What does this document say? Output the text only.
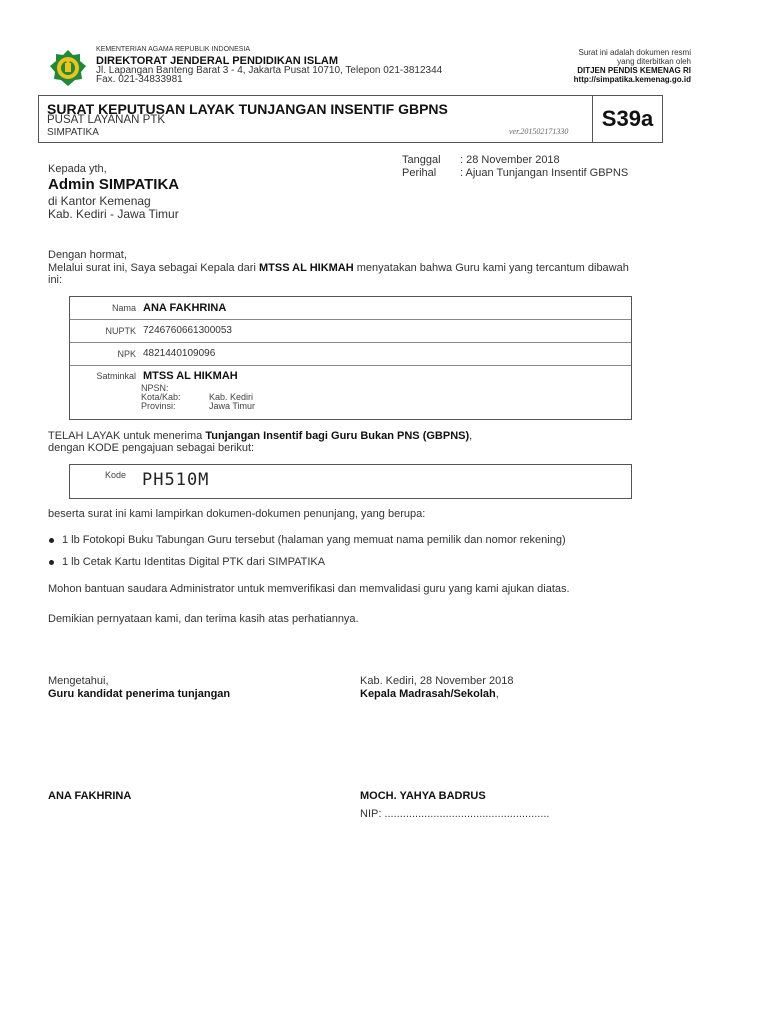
KEMENTERIAN AGAMA REPUBLIK INDONESIA
DIREKTORAT JENDERAL PENDIDIKAN ISLAM
Jl. Lapangan Banteng Barat 3 - 4, Jakarta Pusat 10710, Telepon 021-3812344
Fax. 021-34833981
Surat ini adalah dokumen resmi
yang diterbitkan oleh
DITJEN PENDIS KEMENAG RI
http://simpatika.kemenag.go.id
SURAT KEPUTUSAN LAYAK TUNJANGAN INSENTIF GBPNS
PUSAT LAYANAN PTK
SIMPATIKA	ver.201502171330
S39a
Kepada yth,
Admin SIMPATIKA
di Kantor Kemenag
Kab. Kediri - Jawa Timur
Tanggal : 28 November 2018
Perihal : Ajuan Tunjangan Insentif GBPNS
Dengan hormat,
Melalui surat ini, Saya sebagai Kepala dari MTSS AL HIKMAH menyatakan bahwa Guru kami yang tercantum dibawah
ini:
Nama ANA FAKHRINA
NUPTK 7246760661300053
NPK 4821440109096
Satminkal MTSS AL HIKMAH
NPSN:
Kota/Kab:	Kab. Kediri
Provinsi:	Jawa Timur
TELAH LAYAK untuk menerima Tunjangan Insentif bagi Guru Bukan PNS (GBPNS),
dengan KODE pengajuan sebagai berikut:
Kode PH510M
beserta surat ini kami lampirkan dokumen-dokumen penunjang, yang berupa:
1 lb Fotokopi Buku Tabungan Guru tersebut (halaman yang memuat nama pemilik dan nomor rekening)
1 lb Cetak Kartu Identitas Digital PTK dari SIMPATIKA
Mohon bantuan saudara Administrator untuk memverifikasi dan memvalidasi guru yang kami ajukan diatas.
Demikian pernyataan kami, dan terima kasih atas perhatiannya.
Mengetahui,
Guru kandidat penerima tunjangan
ANA FAKHRINA
Kab. Kediri, 28 November 2018
Kepala Madrasah/Sekolah,
MOCH. YAHYA BADRUS
NIP: ......................................................
